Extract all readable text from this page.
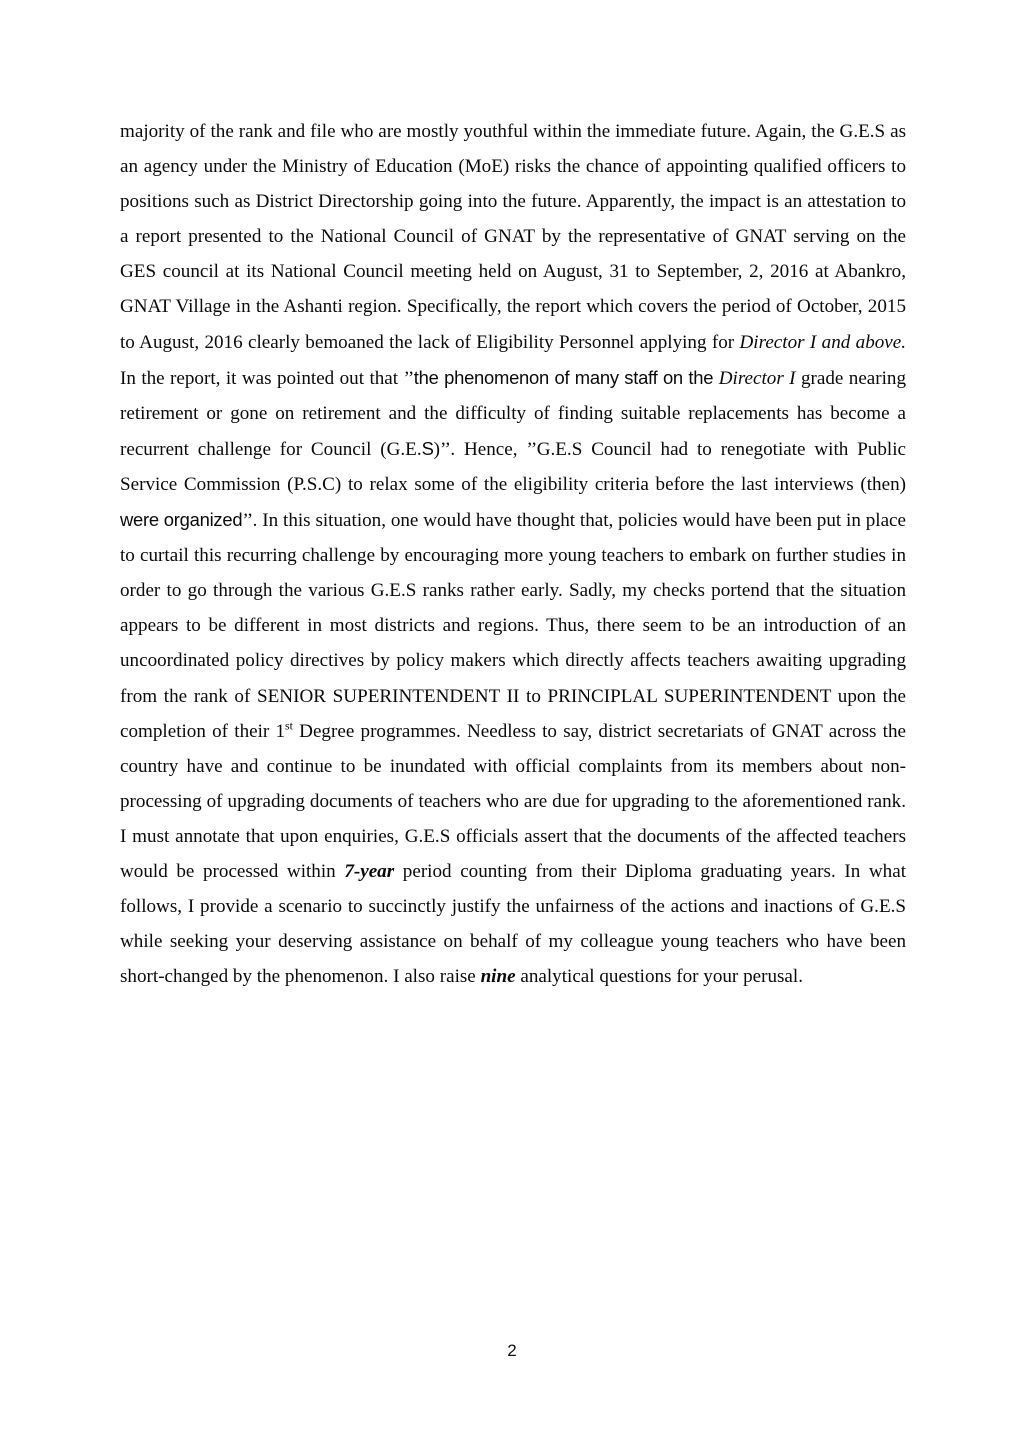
majority of the rank and file who are mostly youthful within the immediate future. Again, the G.E.S as an agency under the Ministry of Education (MoE) risks the chance of appointing qualified officers to positions such as District Directorship going into the future. Apparently, the impact is an attestation to a report presented to the National Council of GNAT by the representative of GNAT serving on the GES council at its National Council meeting held on August, 31 to September, 2, 2016 at Abankro, GNAT Village in the Ashanti region. Specifically, the report which covers the period of October, 2015 to August, 2016 clearly bemoaned the lack of Eligibility Personnel applying for Director I and above. In the report, it was pointed out that ’’the phenomenon of many staff on the Director I grade nearing retirement or gone on retirement and the difficulty of finding suitable replacements has become a recurrent challenge for Council (G.E.S)’’. Hence, ’’G.E.S Council had to renegotiate with Public Service Commission (P.S.C) to relax some of the eligibility criteria before the last interviews (then) were organized’’. In this situation, one would have thought that, policies would have been put in place to curtail this recurring challenge by encouraging more young teachers to embark on further studies in order to go through the various G.E.S ranks rather early. Sadly, my checks portend that the situation appears to be different in most districts and regions. Thus, there seem to be an introduction of an uncoordinated policy directives by policy makers which directly affects teachers awaiting upgrading from the rank of SENIOR SUPERINTENDENT II to PRINCIPLAL SUPERINTENDENT upon the completion of their 1st Degree programmes. Needless to say, district secretariats of GNAT across the country have and continue to be inundated with official complaints from its members about non-processing of upgrading documents of teachers who are due for upgrading to the aforementioned rank. I must annotate that upon enquiries, G.E.S officials assert that the documents of the affected teachers would be processed within 7-year period counting from their Diploma graduating years. In what follows, I provide a scenario to succinctly justify the unfairness of the actions and inactions of G.E.S while seeking your deserving assistance on behalf of my colleague young teachers who have been short-changed by the phenomenon. I also raise nine analytical questions for your perusal.

2
